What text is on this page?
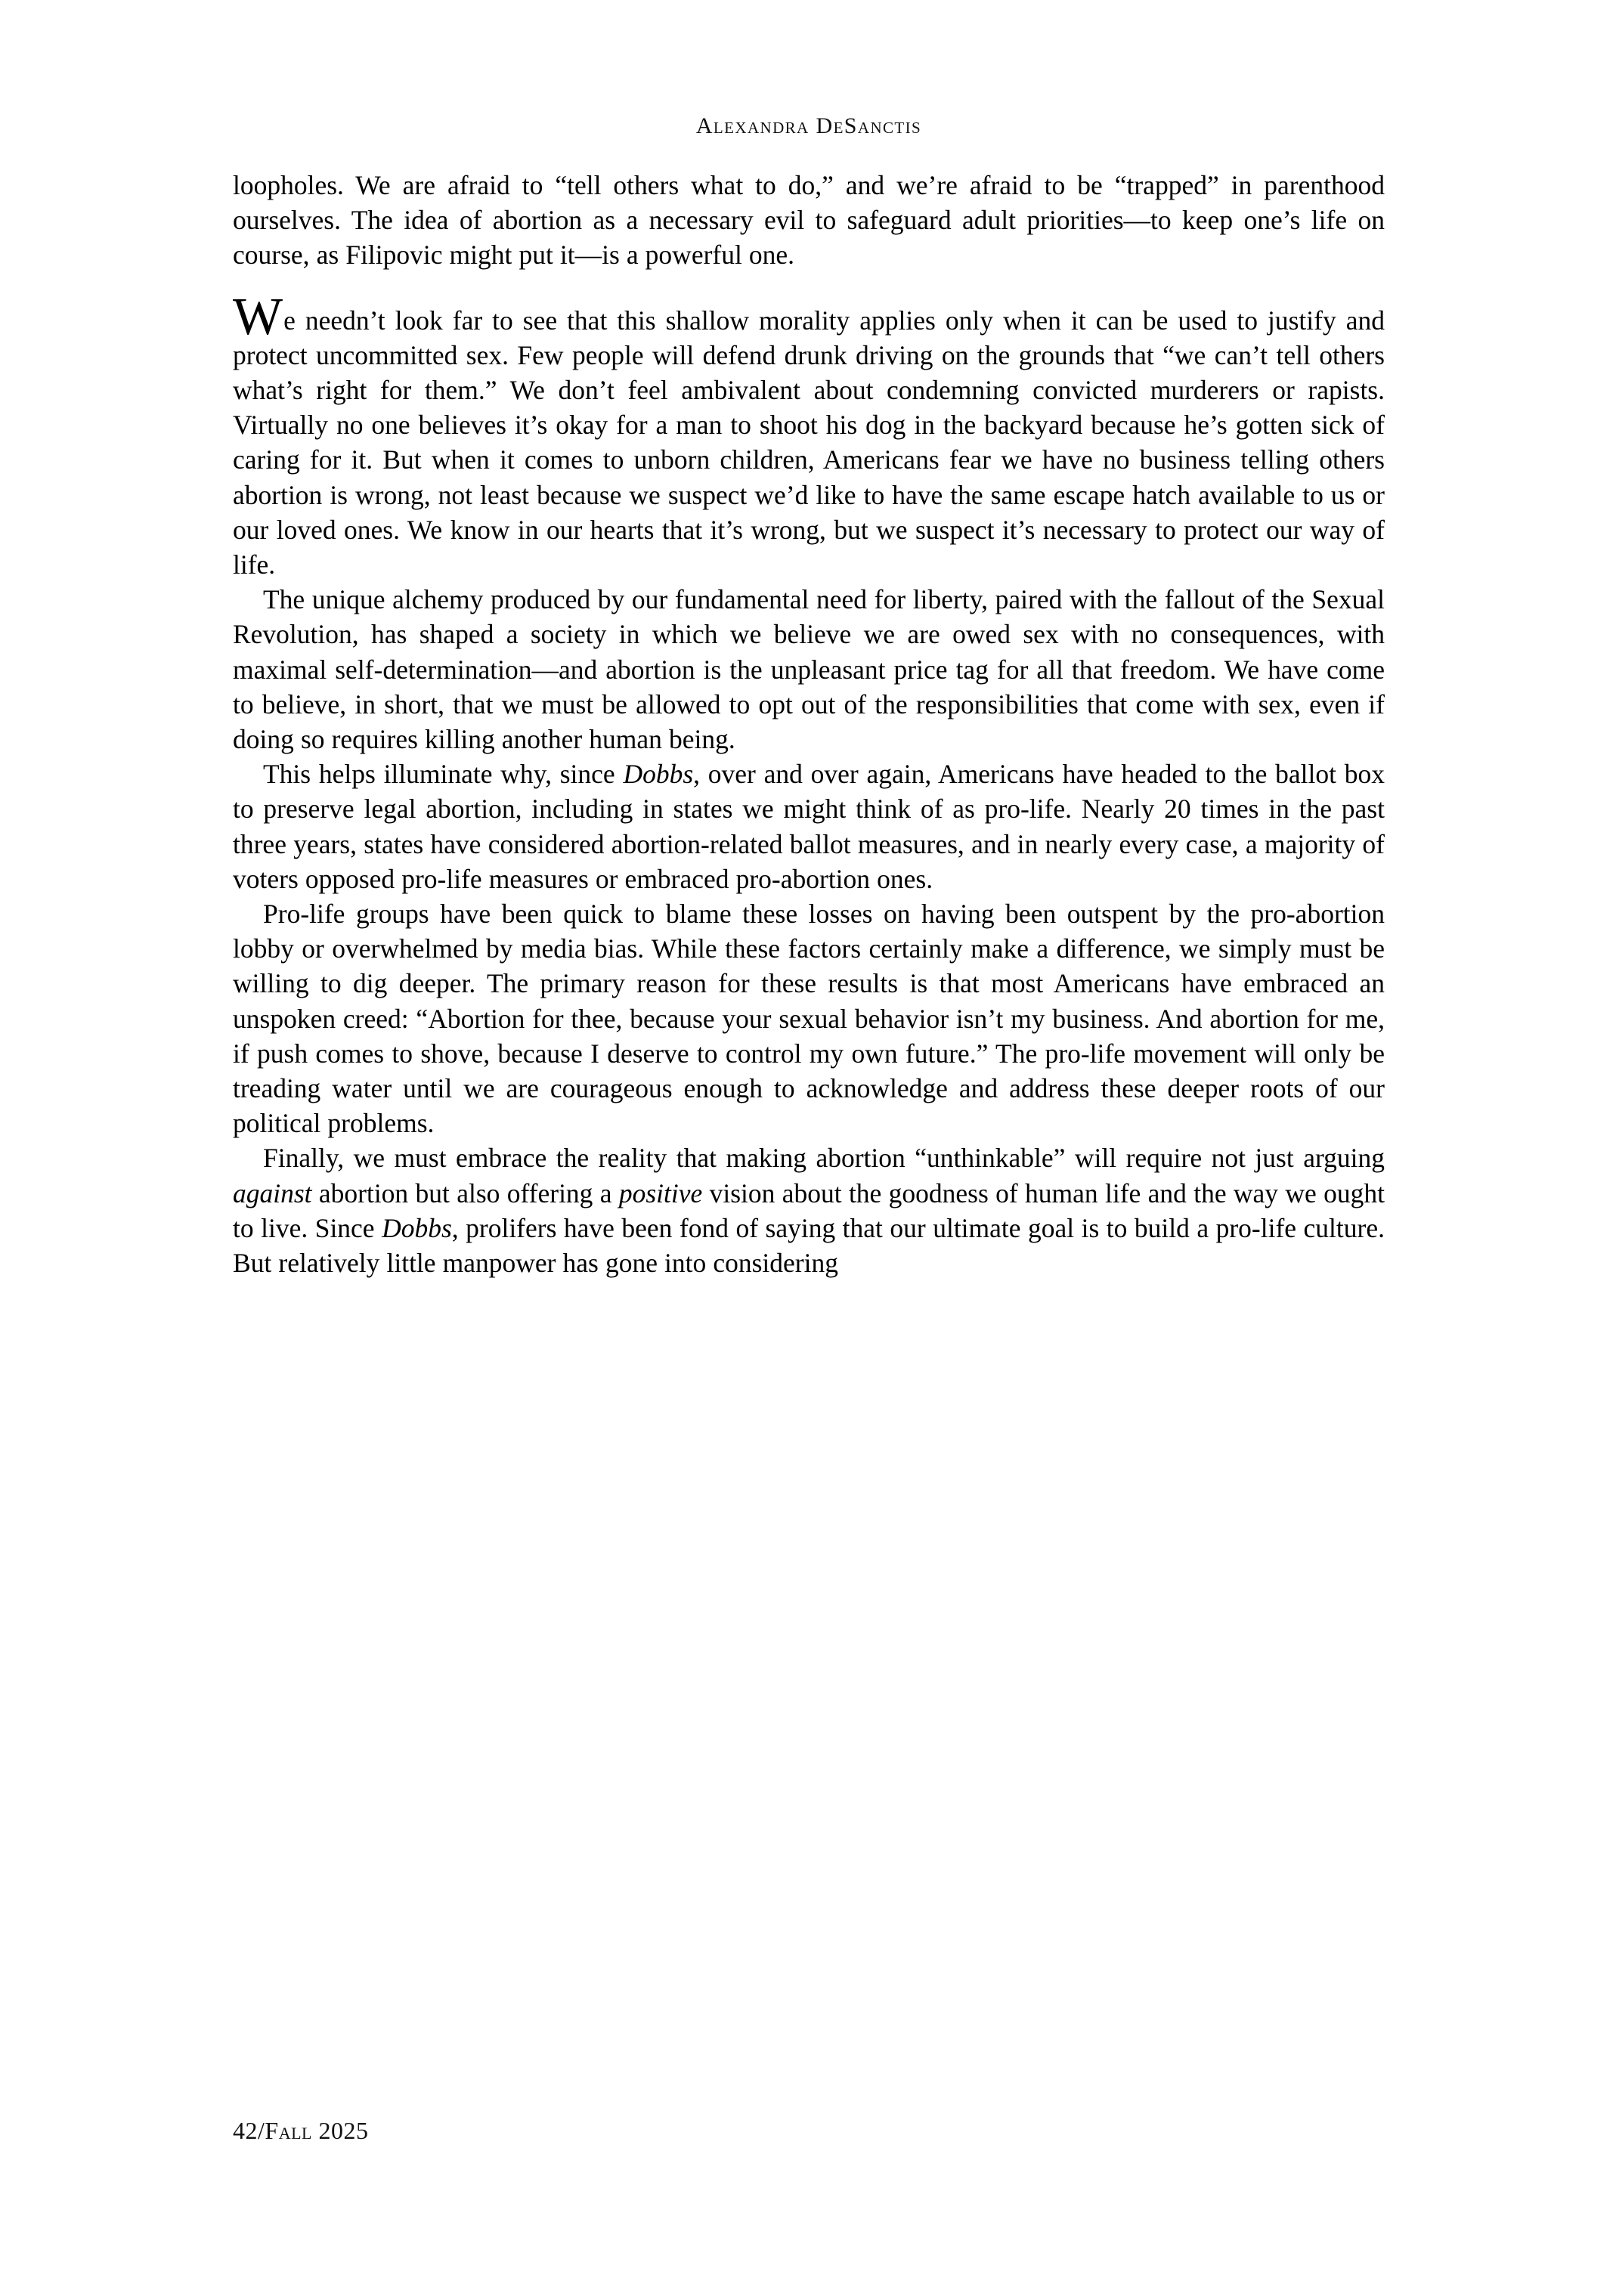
Alexandra DeSanctis

loopholes. We are afraid to “tell others what to do,” and we’re afraid to be “trapped” in parenthood ourselves. The idea of abortion as a necessary evil to safeguard adult priorities—to keep one’s life on course, as Filipovic might put it—is a powerful one.

We needn’t look far to see that this shallow morality applies only when it can be used to justify and protect uncommitted sex. Few people will defend drunk driving on the grounds that “we can’t tell others what’s right for them.” We don’t feel ambivalent about condemning convicted murderers or rapists. Virtually no one believes it’s okay for a man to shoot his dog in the backyard because he’s gotten sick of caring for it. But when it comes to unborn children, Americans fear we have no business telling others abortion is wrong, not least because we suspect we’d like to have the same escape hatch available to us or our loved ones. We know in our hearts that it’s wrong, but we suspect it’s necessary to protect our way of life.

The unique alchemy produced by our fundamental need for liberty, paired with the fallout of the Sexual Revolution, has shaped a society in which we believe we are owed sex with no consequences, with maximal self-determination—and abortion is the unpleasant price tag for all that freedom. We have come to believe, in short, that we must be allowed to opt out of the responsibilities that come with sex, even if doing so requires killing another human being.

This helps illuminate why, since Dobbs, over and over again, Americans have headed to the ballot box to preserve legal abortion, including in states we might think of as pro-life. Nearly 20 times in the past three years, states have considered abortion-related ballot measures, and in nearly every case, a majority of voters opposed pro-life measures or embraced pro-abortion ones.

Pro-life groups have been quick to blame these losses on having been outspent by the pro-abortion lobby or overwhelmed by media bias. While these factors certainly make a difference, we simply must be willing to dig deeper. The primary reason for these results is that most Americans have embraced an unspoken creed: “Abortion for thee, because your sexual behavior isn’t my business. And abortion for me, if push comes to shove, because I deserve to control my own future.” The pro-life movement will only be treading water until we are courageous enough to acknowledge and address these deeper roots of our political problems.

Finally, we must embrace the reality that making abortion “unthinkable” will require not just arguing against abortion but also offering a positive vision about the goodness of human life and the way we ought to live. Since Dobbs, prolifers have been fond of saying that our ultimate goal is to build a pro-life culture. But relatively little manpower has gone into considering

42/Fall 2025
